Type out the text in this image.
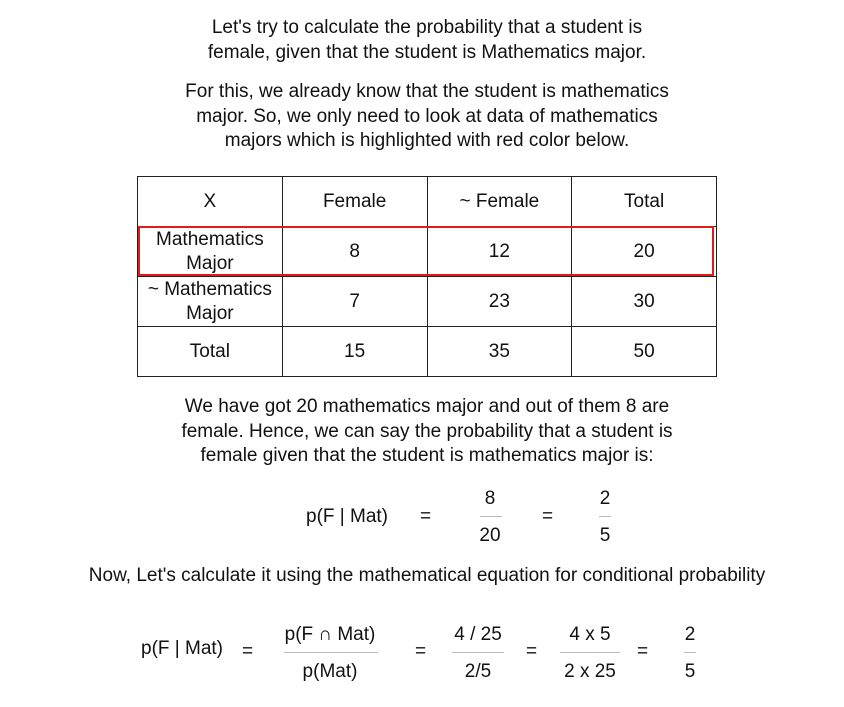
Let's try to calculate the probability that a student is
female, given that the student is Mathematics major.
For this, we already know that the student is mathematics
major. So, we only need to look at data of mathematics
majors which is highlighted with red color below.
X	Female	~ Female	Total

Mathematics
Major	8	12	20

~ Mathematics
Major	7	23	30
Total	15	35	50
We have got 20 mathematics major and out of them 8 are
female. Hence, we can say the probability that a student is
female given that the student is mathematics major is:
p(F | Mat) =
8
20
=
2
5
Now, Let's calculate it using the mathematical equation for conditional probability
p(F | Mat) =
p(F ∩ Mat)
p(Mat)
=
4 / 25
2/5
=
4 x 5
2 x 25
=
2
5
